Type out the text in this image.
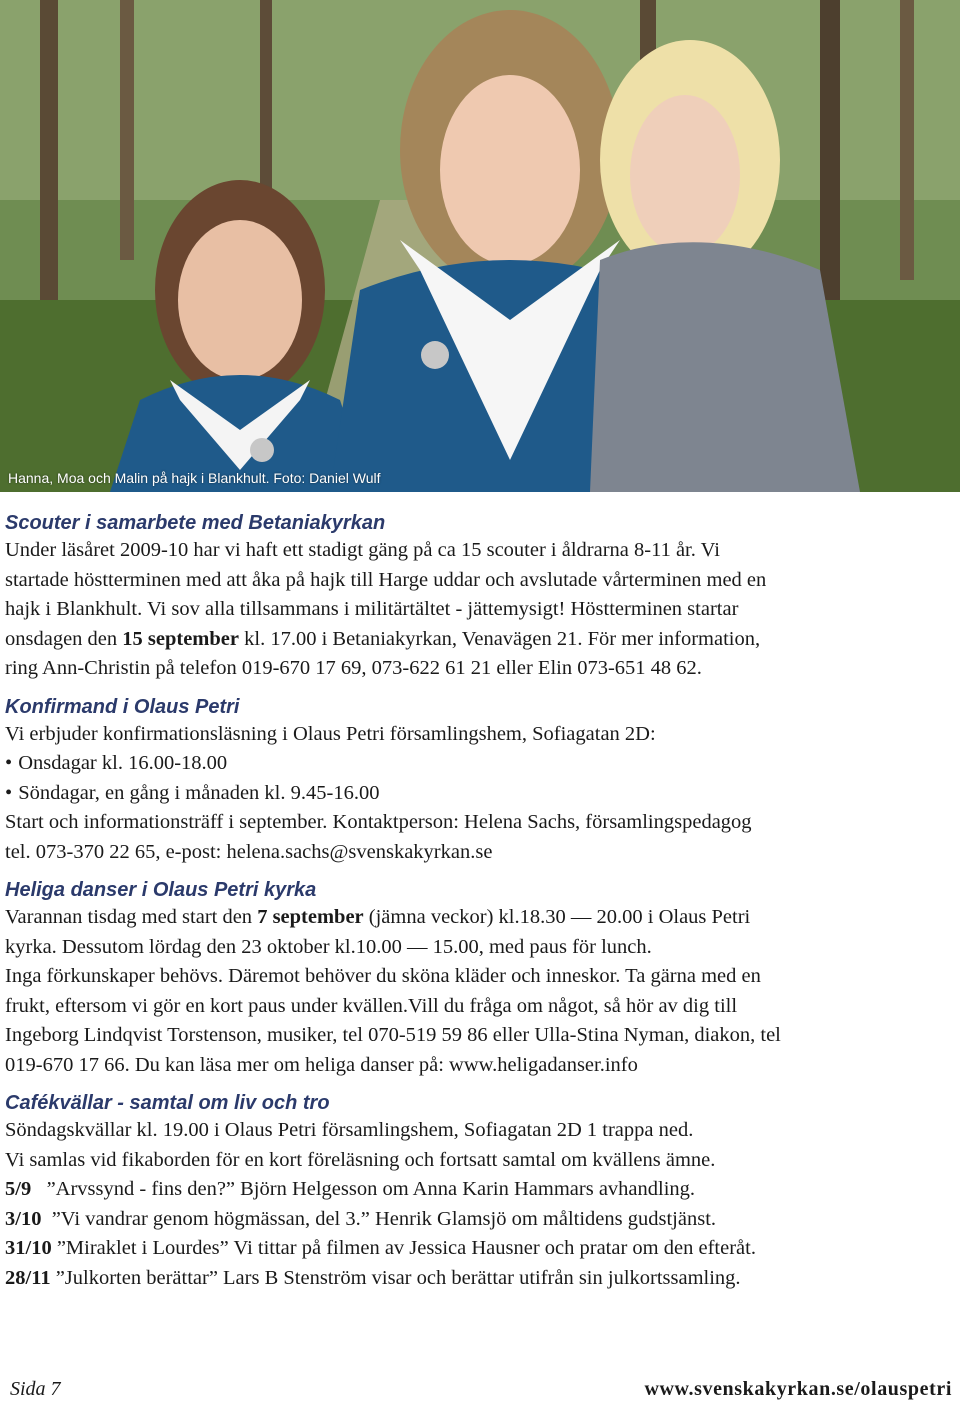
Hanna, Moa och Malin på hajk i Blankhult. Foto: Daniel Wulf
Scouter i samarbete med Betaniakyrkan

Under läsåret 2009-10 har vi haft ett stadigt gäng på ca 15 scouter i åldrarna 8-11 år. Vi

startade höstterminen med att åka på hajk till Harge uddar och avslutade vårterminen med en

hajk i Blankhult. Vi sov alla tillsammans i militärtältet - jättemysigt! Höstterminen startar

onsdagen den 15 september kl. 17.00 i Betaniakyrkan, Venavägen 21. För mer information,

ring Ann-Christin på telefon 019-670 17 69, 073-622 61 21 eller Elin 073-651 48 62.

Konfirmand i Olaus Petri

Vi erbjuder konfirmationsläsning i Olaus Petri församlingshem, Sofiagatan 2D:

• Onsdagar kl. 16.00-18.00

• Söndagar, en gång i månaden kl. 9.45-16.00

Start och informationsträff i september. Kontaktperson: Helena Sachs, församlingspedagog

tel. 073-370 22 65, e-post: helena.sachs@svenskakyrkan.se

Heliga danser i Olaus Petri kyrka

Varannan tisdag med start den 7 september (jämna veckor) kl.18.30 — 20.00 i Olaus Petri

kyrka. Dessutom lördag den 23 oktober kl.10.00 — 15.00, med paus för lunch.

Inga förkunskaper behövs. Däremot behöver du sköna kläder och inneskor. Ta gärna med en

frukt, eftersom vi gör en kort paus under kvällen.Vill du fråga om något, så hör av dig till

Ingeborg Lindqvist Torstenson, musiker, tel 070-519 59 86 eller Ulla-Stina Nyman, diakon, tel

019-670 17 66. Du kan läsa mer om heliga danser på: www.heligadanser.info

Cafékvällar - samtal om liv och tro

Söndagskvällar kl. 19.00 i Olaus Petri församlingshem, Sofiagatan 2D 1 trappa ned.

Vi samlas vid fikaborden för en kort föreläsning och fortsatt samtal om kvällens ämne.

5/9 ”Arvssynd - fins den?” Björn Helgesson om Anna Karin Hammars avhandling.

3/10 ”Vi vandrar genom högmässan, del 3.” Henrik Glamsjö om måltidens gudstjänst.

31/10 ”Miraklet i Lourdes” Vi tittar på filmen av Jessica Hausner och pratar om den efteråt.

28/11 ”Julkorten berättar” Lars B Stenström visar och berättar utifrån sin julkortssamling.

Sida 7	www.svenskakyrkan.se/olauspetri
